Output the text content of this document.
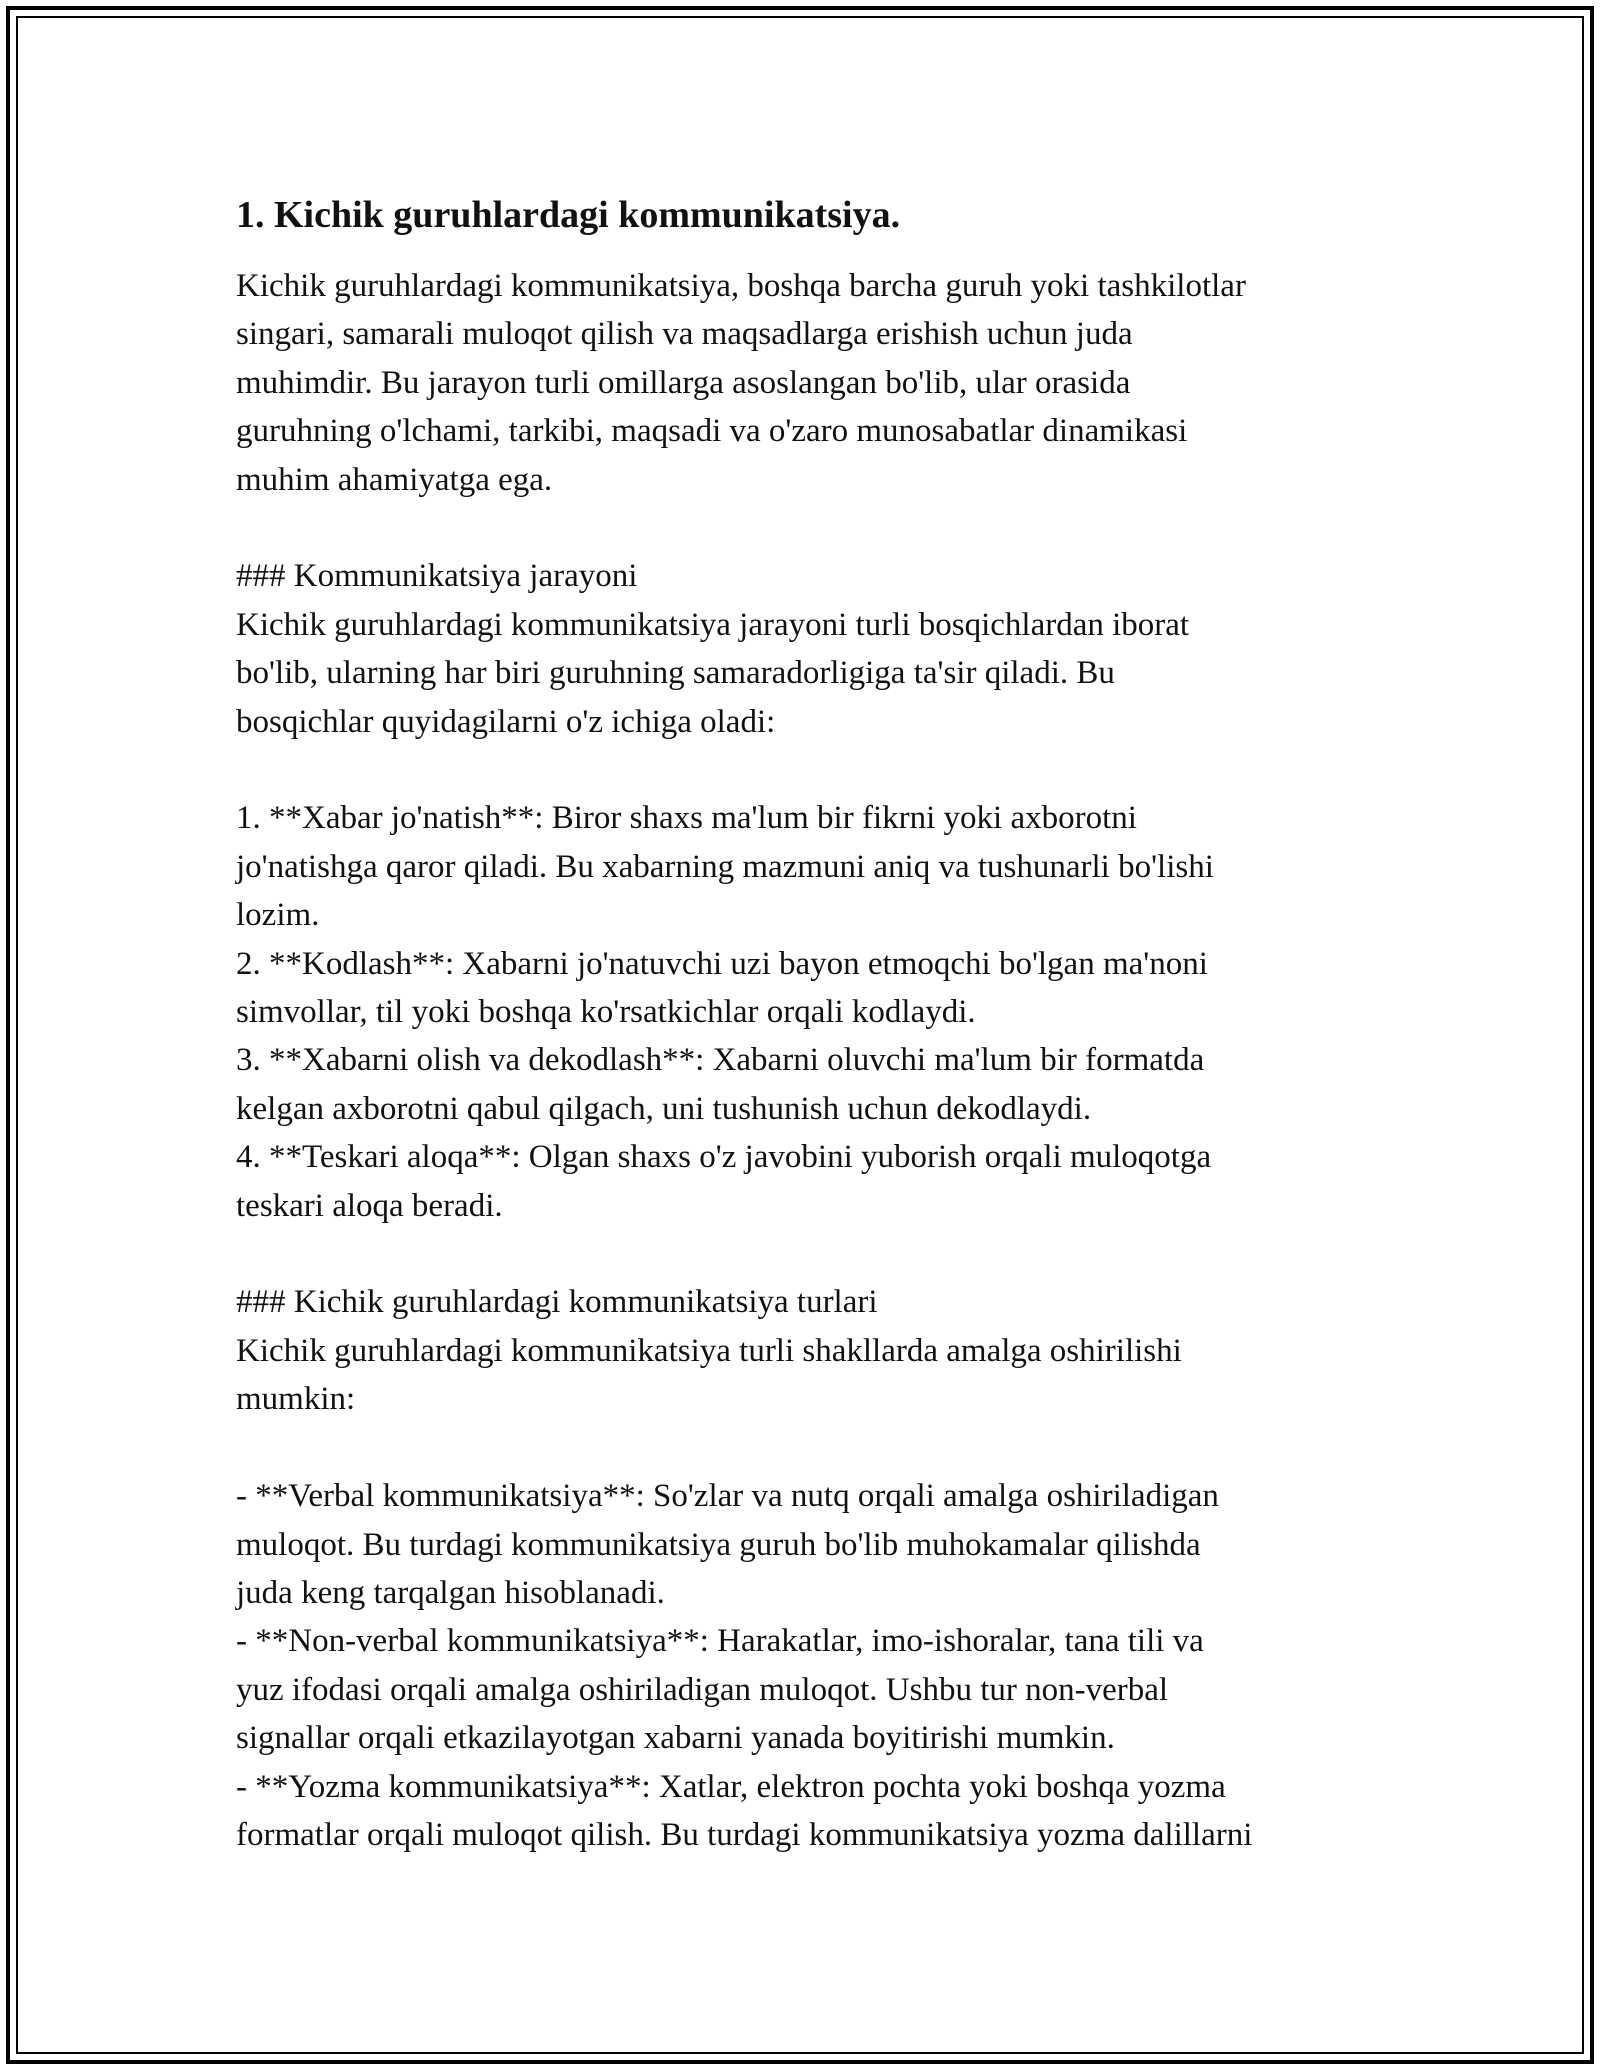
1. Kichik guruhlardagi kommunikatsiya.
Kichik guruhlardagi kommunikatsiya, boshqa barcha guruh yoki tashkilotlar
singari, samarali muloqot qilish va maqsadlarga erishish uchun juda
muhimdir. Bu jarayon turli omillarga asoslangan bo'lib, ular orasida
guruhning o'lchami, tarkibi, maqsadi va o'zaro munosabatlar dinamikasi
muhim ahamiyatga ega.
### Kommunikatsiya jarayoni
Kichik guruhlardagi kommunikatsiya jarayoni turli bosqichlardan iborat
bo'lib, ularning har biri guruhning samaradorligiga ta'sir qiladi. Bu
bosqichlar quyidagilarni o'z ichiga oladi:
1. **Xabar jo'natish**: Biror shaxs ma'lum bir fikrni yoki axborotni
jo'natishga qaror qiladi. Bu xabarning mazmuni aniq va tushunarli bo'lishi
lozim.
2. **Kodlash**: Xabarni jo'natuvchi uzi bayon etmoqchi bo'lgan ma'noni
simvollar, til yoki boshqa ko'rsatkichlar orqali kodlaydi.
3. **Xabarni olish va dekodlash**: Xabarni oluvchi ma'lum bir formatda
kelgan axborotni qabul qilgach, uni tushunish uchun dekodlaydi.
4. **Teskari aloqa**: Olgan shaxs o'z javobini yuborish orqali muloqotga
teskari aloqa beradi.
### Kichik guruhlardagi kommunikatsiya turlari
Kichik guruhlardagi kommunikatsiya turli shakllarda amalga oshirilishi
mumkin:
- **Verbal kommunikatsiya**: So'zlar va nutq orqali amalga oshiriladigan
muloqot. Bu turdagi kommunikatsiya guruh bo'lib muhokamalar qilishda
juda keng tarqalgan hisoblanadi.
- **Non-verbal kommunikatsiya**: Harakatlar, imo-ishoralar, tana tili va
yuz ifodasi orqali amalga oshiriladigan muloqot. Ushbu tur non-verbal
signallar orqali etkazilayotgan xabarni yanada boyitirishi mumkin.
- **Yozma kommunikatsiya**: Xatlar, elektron pochta yoki boshqa yozma
formatlar orqali muloqot qilish. Bu turdagi kommunikatsiya yozma dalillarni
